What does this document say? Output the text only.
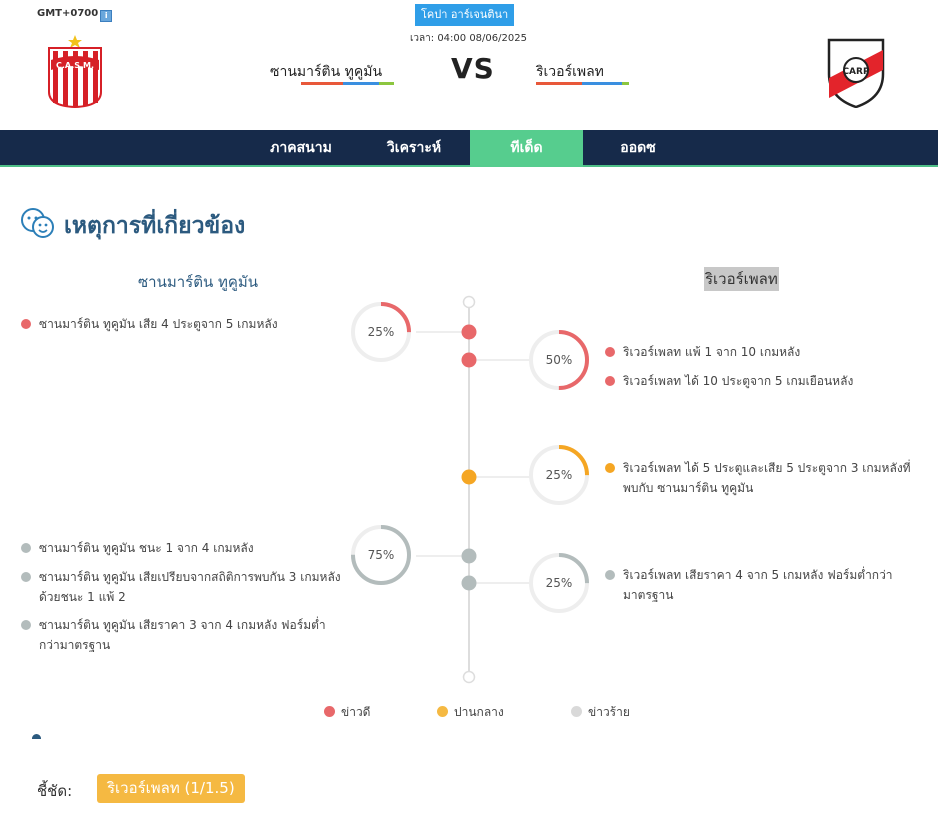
GMT+0700 i	โคปา อาร์เจนตินา
เวลา: 04:00 08/06/2025
C.A.S.M.	ซานมาร์ติน ทูคูมัน VS	ริเวอร์เพลท	CARP
ภาคสนาม	วิเคราะห์	ทีเด็ด	ออดซ
เหตุการที่เกี่ยวข้อง
ซานมาร์ติน ทูคูมัน	ริเวอร์เพลท
25%
50%
25%
75%
25%
ซานมาร์ติน ทูคูมัน เสีย 4 ประตูจาก 5 เกมหลัง
ซานมาร์ติน ทูคูมัน ชนะ 1 จาก 4 เกมหลัง
ซานมาร์ติน ทูคูมัน เสียเปรียบจากสถิติการพบกัน 3 เกมหลังด้วยชนะ 1 แพ้ 2
ซานมาร์ติน ทูคูมัน เสียราคา 3 จาก 4 เกมหลัง ฟอร์มต่ำกว่ามาตรฐาน
ริเวอร์เพลท แพ้ 1 จาก 10 เกมหลัง
ริเวอร์เพลท ได้ 10 ประตูจาก 5 เกมเยือนหลัง
ริเวอร์เพลท ได้ 5 ประตูและเสีย 5 ประตูจาก 3 เกมหลังที่พบกับ ซานมาร์ติน ทูคูมัน
ริเวอร์เพลท เสียราคา 4 จาก 5 เกมหลัง ฟอร์มต่ำกว่ามาตรฐาน
ข่าวดี	ปานกลาง	ข่าวร้าย
ชี้ชัด:	ริเวอร์เพลท (1/1.5)
